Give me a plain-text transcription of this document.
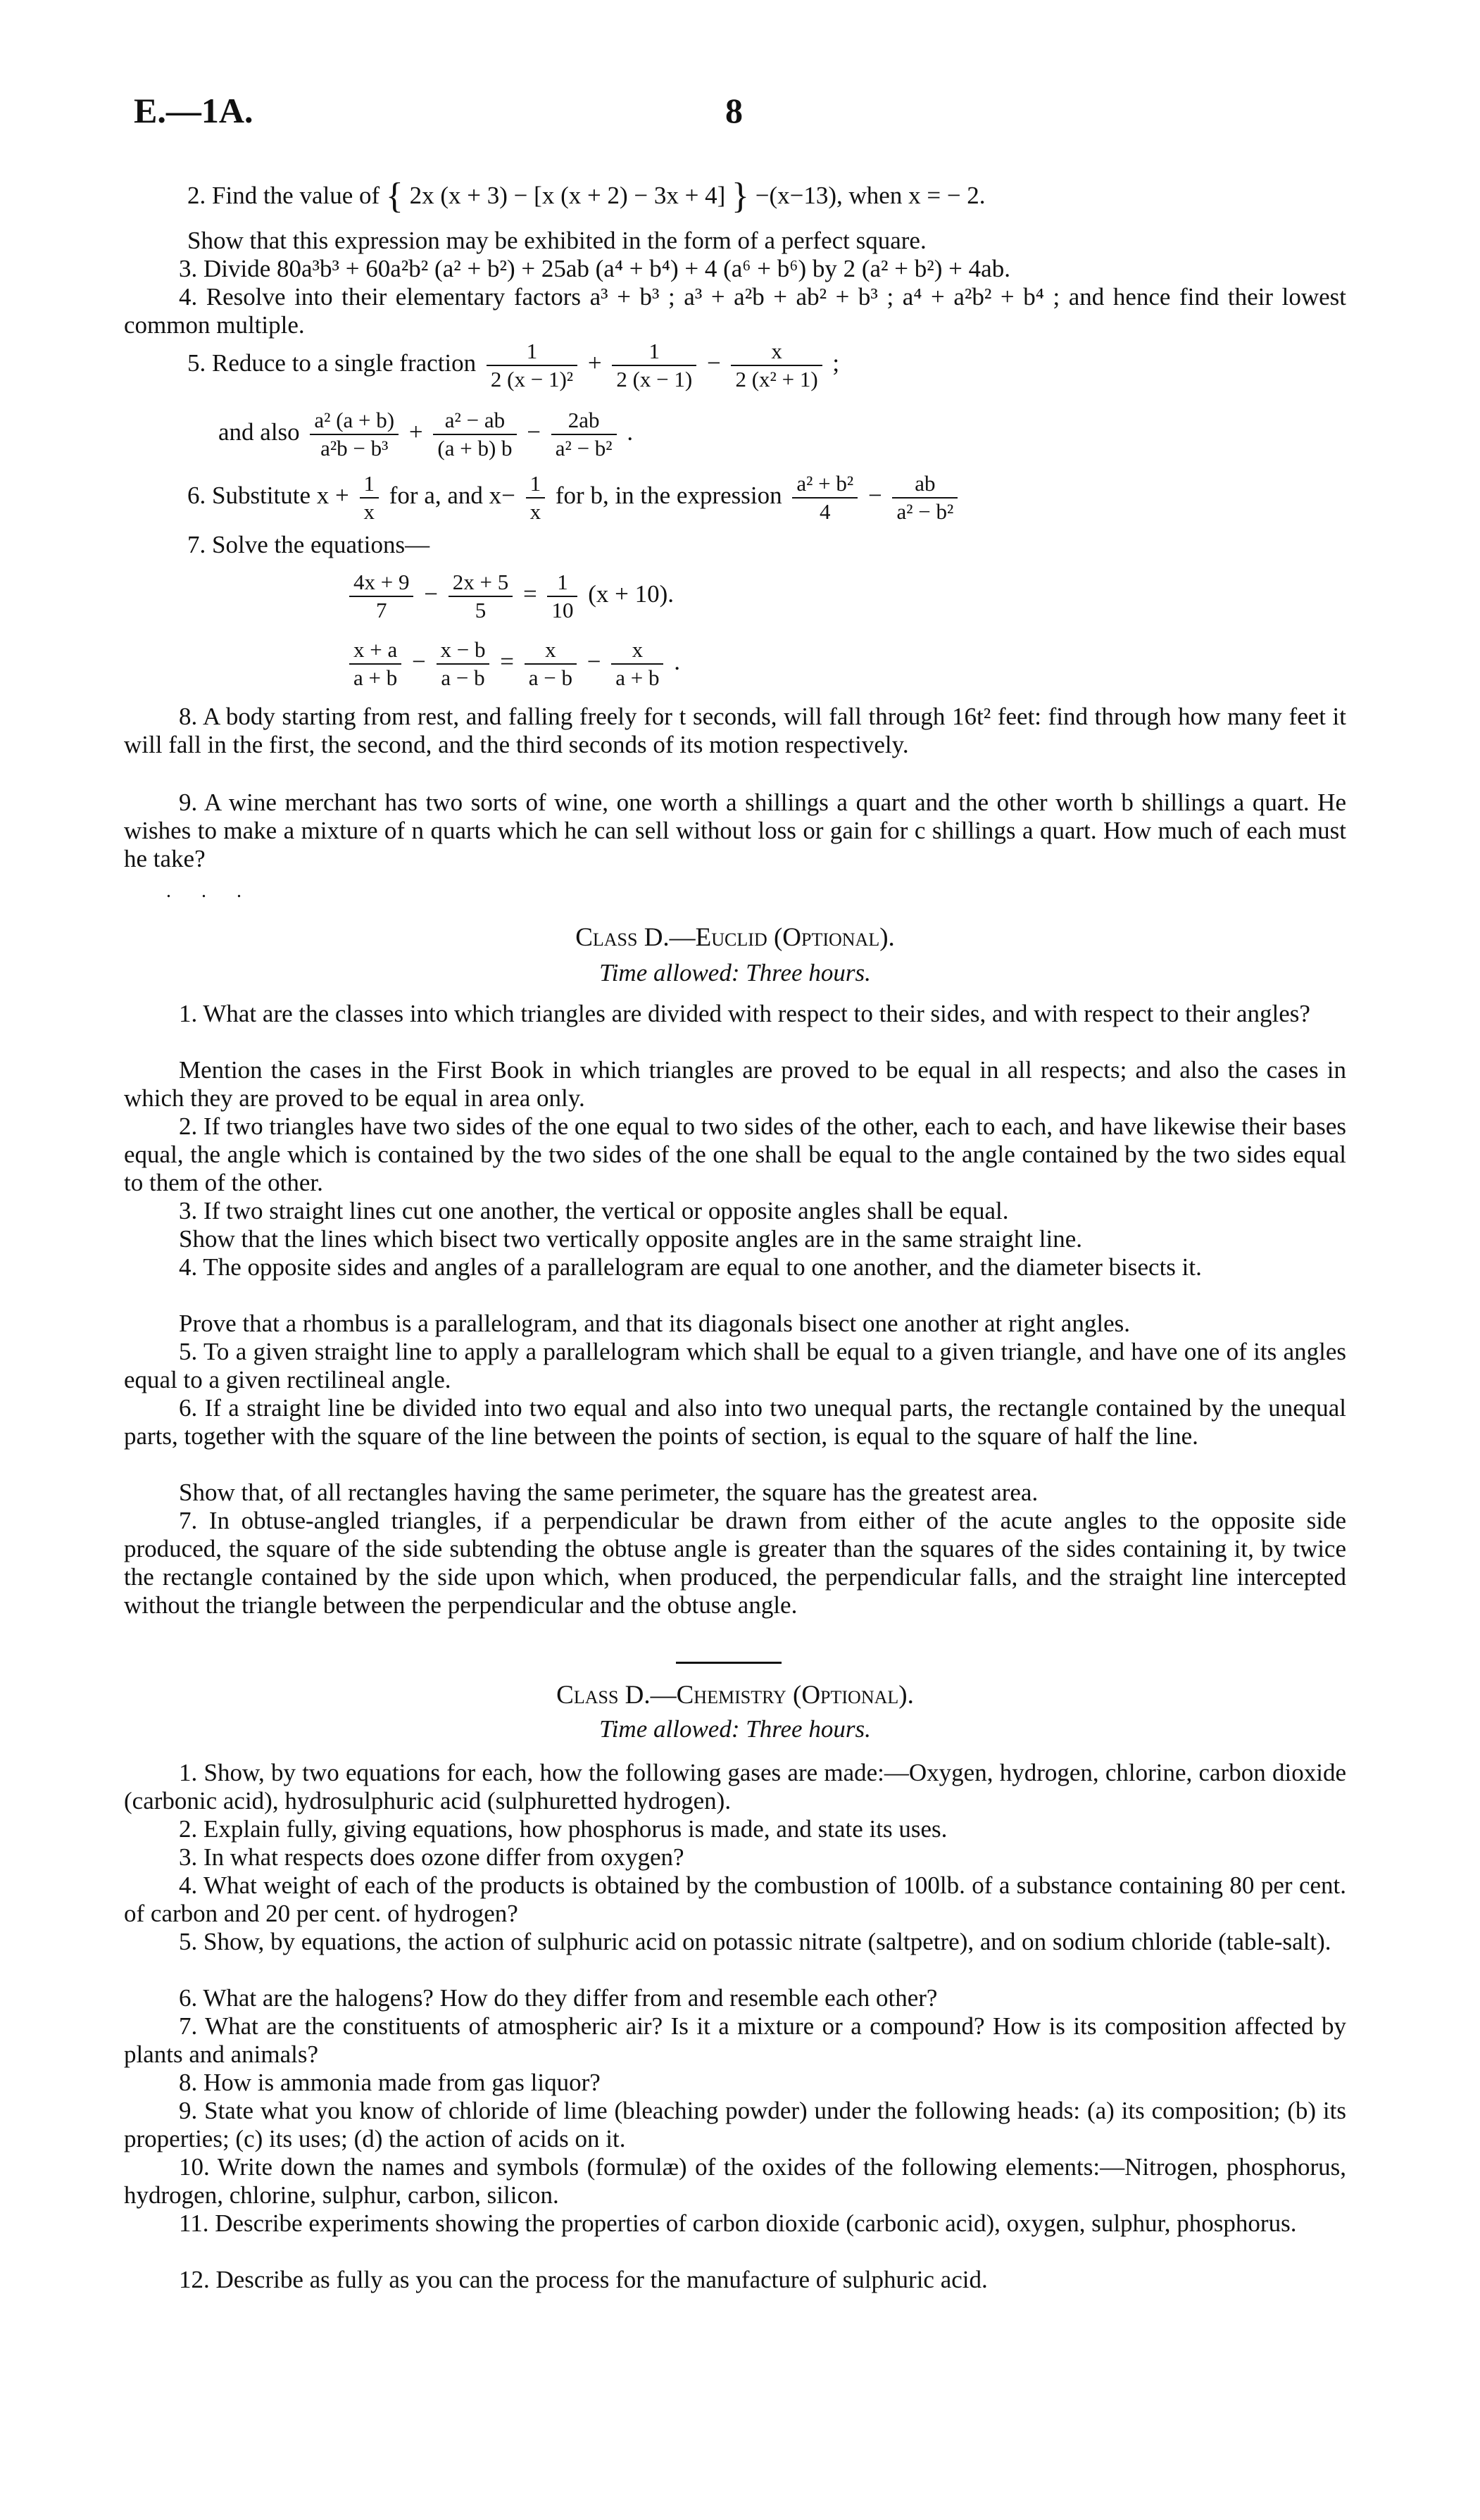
E.—1A.	8
2. Find the value of { 2x (x + 3) − [x (x + 2) − 3x + 4] } −(x−13), when x = − 2.

Show that this expression may be exhibited in the form of a perfect square.

3. Divide 80a³b³ + 60a²b² (a² + b²) + 25ab (a⁴ + b⁴) + 4 (a⁶ + b⁶) by 2 (a² + b²) + 4ab.

4. Resolve into their elementary factors a³ + b³ ; a³ + a²b + ab² + b³ ; a⁴ + a²b² + b⁴ ; and hence find their lowest common multiple.

5. Reduce to a single fraction $\frac{1}{\text{2 (x − 1)²}} + \frac{1}{2 (x - 1)} - \frac{x}{\text{2 (x² + 1)}}$ ;
and also $\frac{\text{a² (a + b)}}{\text{a²b − b³}} + \frac{\text{a² − ab}}{(a + b) b} - \frac{2ab}{\text{a² − b²}}$ .
6. Substitute $x + \frac{1}{x}$ for a, and $x- \frac{1}{x}$ for b, in the expression $\frac{\text{a² + b²}}{4} - \frac{ab}{\text{a² − b²}}$
7. Solve the equations—
$\frac{4x + 9}{7} - \frac{2x + 5}{5} = \frac{1}{10} (x + 10)$.
$\frac{x + a}{a + b} - \frac{x - b}{a - b} = \frac{x}{a - b} - \frac{x}{a + b}$ .

8. A body starting from rest, and falling freely for t seconds, will fall through 16t² feet: find through how many feet it will fall in the first, the second, and the third seconds of its motion respectively.

9. A wine merchant has two sorts of wine, one worth a shillings a quart and the other worth b shillings a quart. He wishes to make a mixture of n quarts which he can sell without loss or gain for c shillings a quart. How much of each must he take?

. . .

Class D.—Euclid (Optional).

Time allowed: Three hours.

1. What are the classes into which triangles are divided with respect to their sides, and with respect to their angles?

Mention the cases in the First Book in which triangles are proved to be equal in all respects; and also the cases in which they are proved to be equal in area only.

2. If two triangles have two sides of the one equal to two sides of the other, each to each, and have likewise their bases equal, the angle which is contained by the two sides of the one shall be equal to the angle contained by the two sides equal to them of the other.

3. If two straight lines cut one another, the vertical or opposite angles shall be equal.

Show that the lines which bisect two vertically opposite angles are in the same straight line.

4. The opposite sides and angles of a parallelogram are equal to one another, and the diameter bisects it.

Prove that a rhombus is a parallelogram, and that its diagonals bisect one another at right angles.

5. To a given straight line to apply a parallelogram which shall be equal to a given triangle, and have one of its angles equal to a given rectilineal angle.

6. If a straight line be divided into two equal and also into two unequal parts, the rectangle contained by the unequal parts, together with the square of the line between the points of section, is equal to the square of half the line.

Show that, of all rectangles having the same perimeter, the square has the greatest area.

7. In obtuse-angled triangles, if a perpendicular be drawn from either of the acute angles to the opposite side produced, the square of the side subtending the obtuse angle is greater than the squares of the sides containing it, by twice the rectangle contained by the side upon which, when produced, the perpendicular falls, and the straight line intercepted without the triangle between the perpendicular and the obtuse angle.

Class D.—Chemistry (Optional).

Time allowed: Three hours.

1. Show, by two equations for each, how the following gases are made:—Oxygen, hydrogen, chlorine, carbon dioxide (carbonic acid), hydrosulphuric acid (sulphuretted hydrogen).

2. Explain fully, giving equations, how phosphorus is made, and state its uses.

3. In what respects does ozone differ from oxygen?

4. What weight of each of the products is obtained by the combustion of 100lb. of a substance containing 80 per cent. of carbon and 20 per cent. of hydrogen?

5. Show, by equations, the action of sulphuric acid on potassic nitrate (saltpetre), and on sodium chloride (table-salt).

6. What are the halogens? How do they differ from and resemble each other?

7. What are the constituents of atmospheric air? Is it a mixture or a compound? How is its composition affected by plants and animals?

8. How is ammonia made from gas liquor?

9. State what you know of chloride of lime (bleaching powder) under the following heads: (a) its composition; (b) its properties; (c) its uses; (d) the action of acids on it.

10. Write down the names and symbols (formulæ) of the oxides of the following elements:—Nitrogen, phosphorus, hydrogen, chlorine, sulphur, carbon, silicon.

11. Describe experiments showing the properties of carbon dioxide (carbonic acid), oxygen, sulphur, phosphorus.

12. Describe as fully as you can the process for the manufacture of sulphuric acid.
